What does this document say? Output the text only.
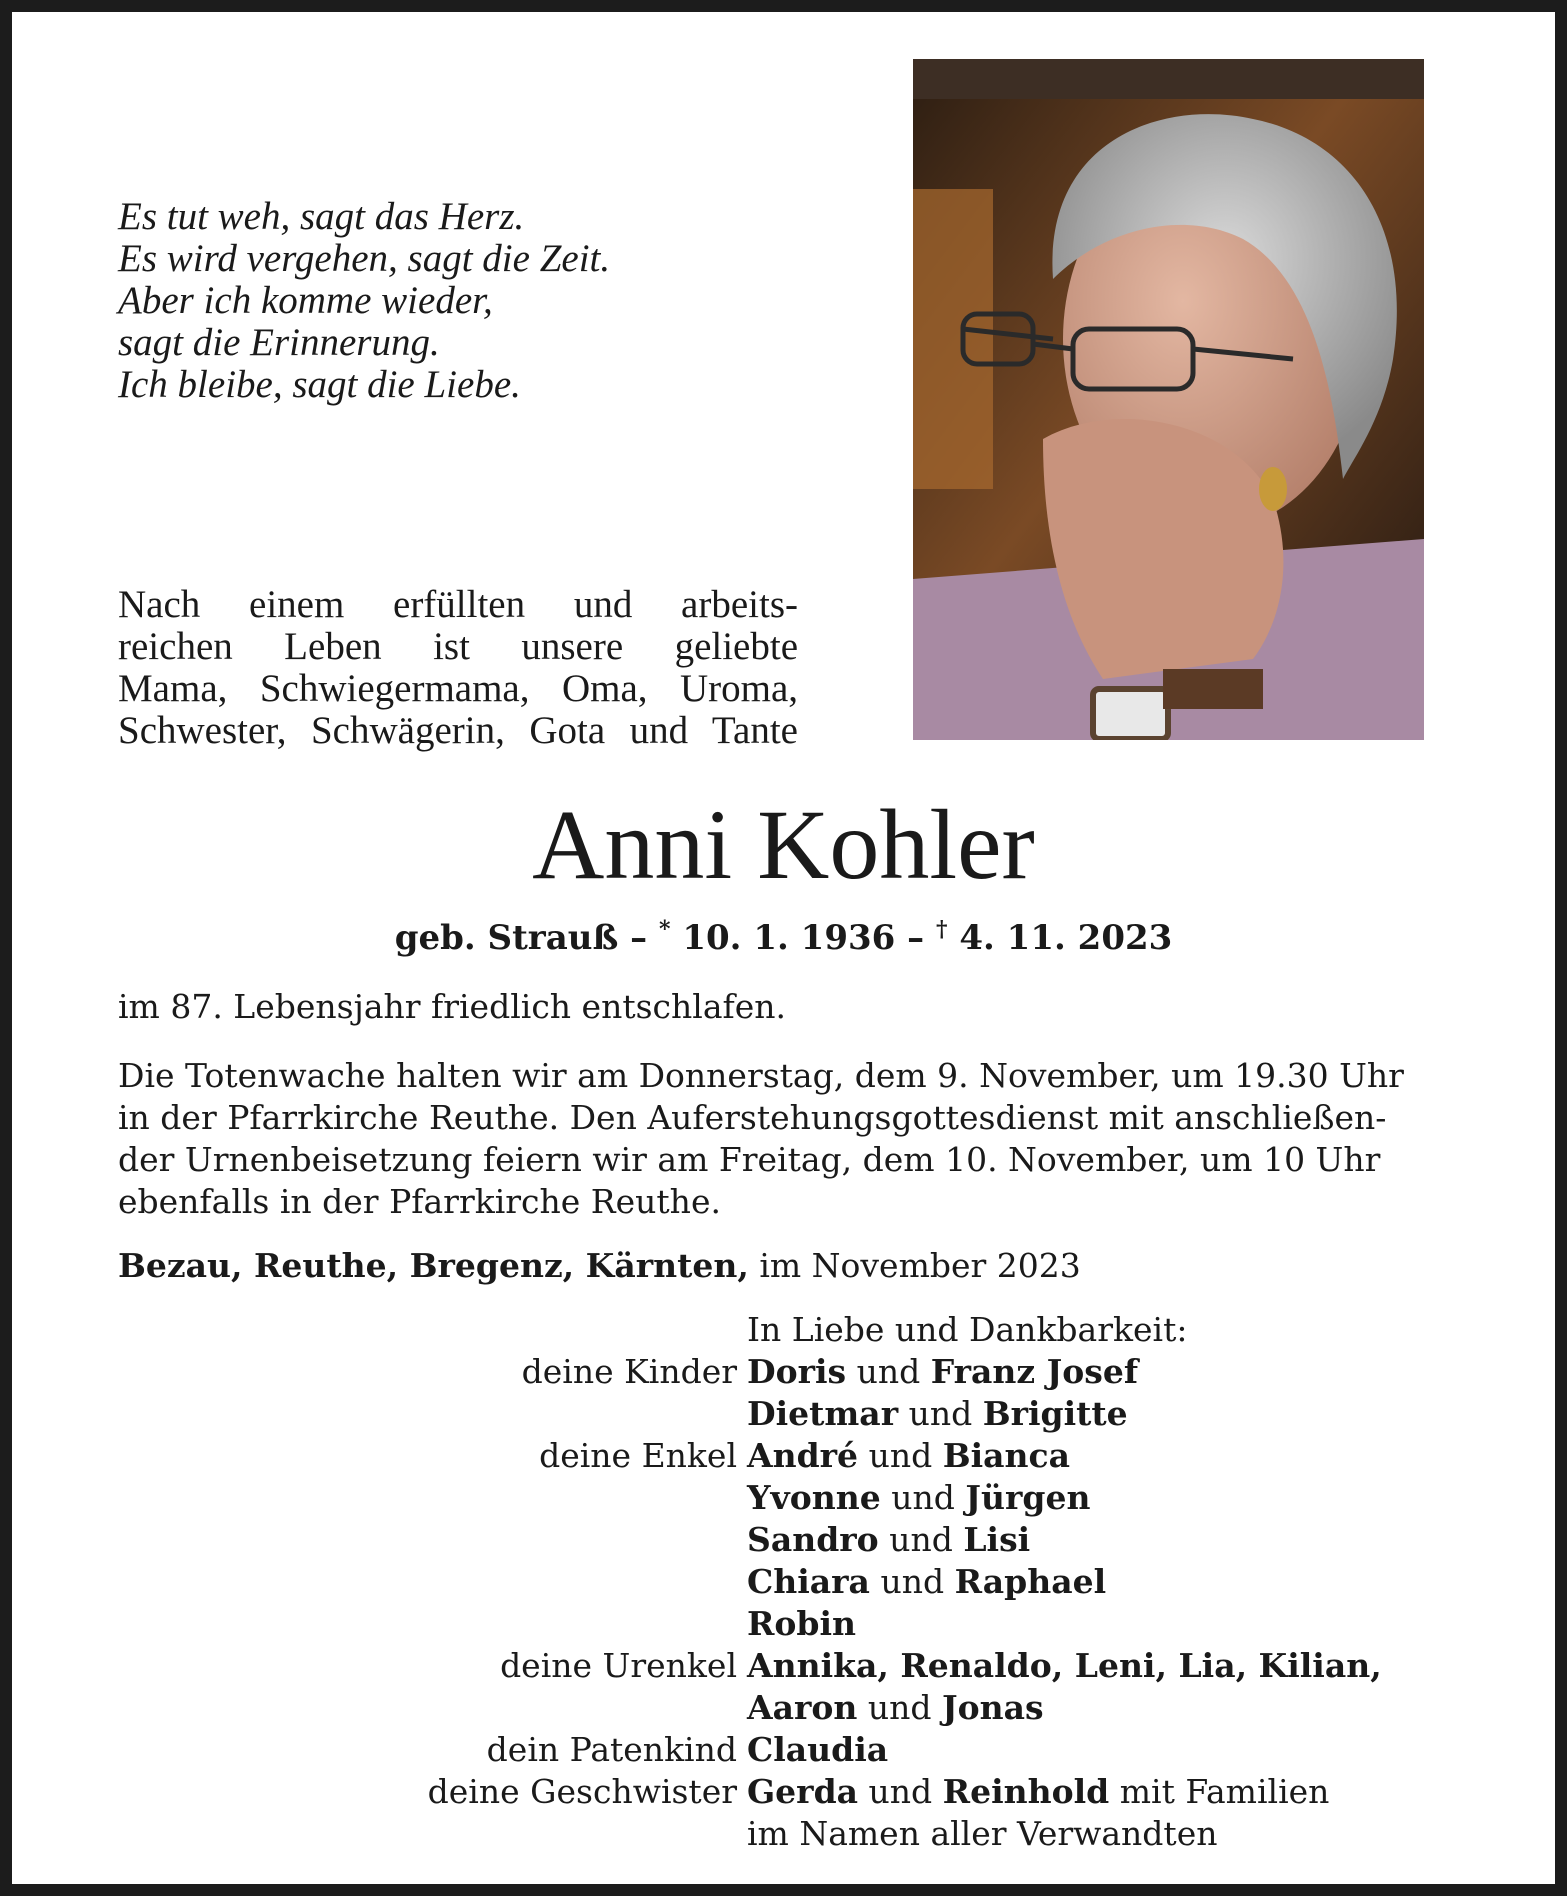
Es tut weh, sagt das Herz.
Es wird vergehen, sagt die Zeit.
Aber ich komme wieder,
sagt die Erinnerung.
Ich bleibe, sagt die Liebe.
Nach einem erfüllten und arbeits-
reichen Leben ist unsere geliebte
Mama, Schwiegermama, Oma, Uroma,
Schwester, Schwägerin, Gota und Tante
Anni Kohler
geb. Strauß – * 10. 1. 1936 – † 4. 11. 2023
im 87. Lebensjahr friedlich entschlafen.
Die Totenwache halten wir am Donnerstag, dem 9. November, um 19.30 Uhr
in der Pfarrkirche Reuthe. Den Auferstehungsgottesdienst mit anschließen-
der Urnenbeisetzung feiern wir am Freitag, dem 10. November, um 10 Uhr
ebenfalls in der Pfarrkirche Reuthe.
Bezau, Reuthe, Bregenz, Kärnten, im November 2023
In Liebe und Dankbarkeit:
deine Kinder Doris und Franz Josef
Dietmar und Brigitte
deine Enkel André und Bianca
Yvonne und Jürgen
Sandro und Lisi
Chiara und Raphael
Robin
deine Urenkel Annika, Renaldo, Leni, Lia, Kilian,
Aaron und Jonas
dein Patenkind Claudia
deine Geschwister Gerda und Reinhold mit Familien
im Namen aller Verwandten
